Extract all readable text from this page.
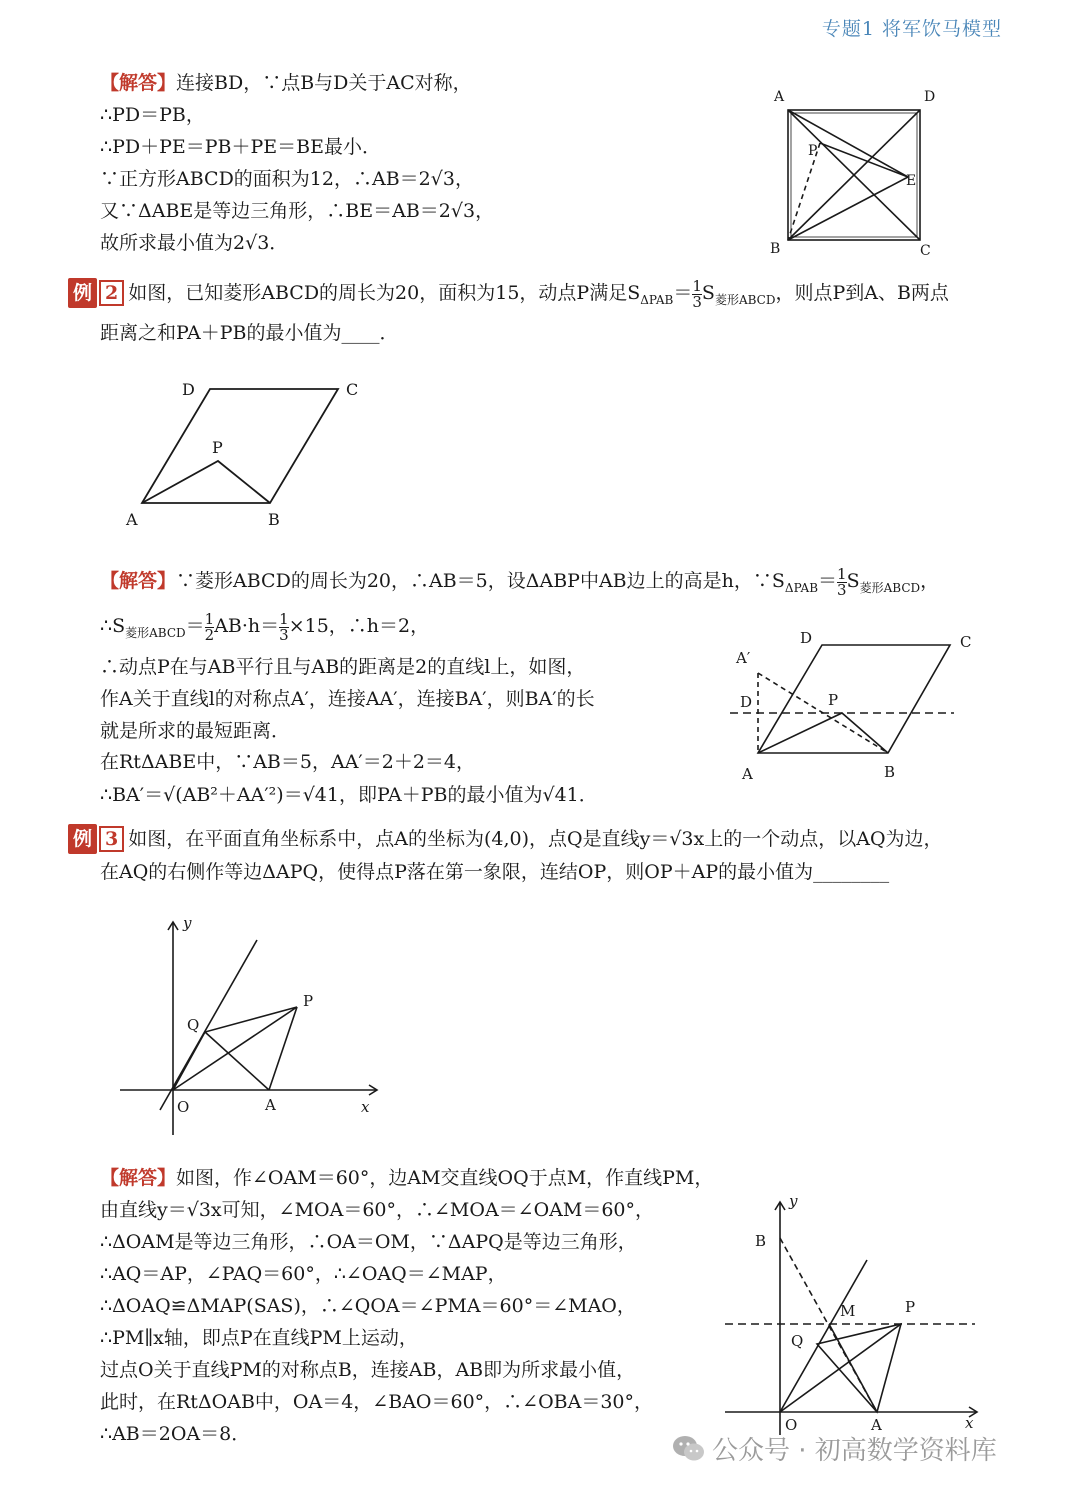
专题1 将军饮马模型
【解答】连接BD，∵点B与D关于AC对称，
∴PD＝PB，
∴PD＋PE＝PB＋PE＝BE最小．
∵正方形ABCD的面积为12，∴AB＝2√3，
又∵ΔABE是等边三角形，∴BE＝AB＝2√3，
故所求最小值为2√3．
A	D
P
E
B	C
例 2 如图，已知菱形ABCD的周长为20，面积为15，动点P满足$S_{\Delta PAB}= \frac{1}{3} S_{菱形ABCD}$，则点P到A、B两点
距离之和PA＋PB的最小值为____．
D	C
P
A	B
【解答】∵菱形ABCD的周长为20，∴AB＝5，设ΔABP中AB边上的高是h，$\because S_{\Delta PAB}= \frac{1}{3} S_{菱形ABCD}$，
$\therefore S_{菱形ABCD}= \frac{1}{2} AB\cdot h= \frac{1}{3} \times 15$，∴h＝2，
∴动点P在与AB平行且与AB的距离是2的直线l上，如图，
作A关于直线l的对称点A′，连接AA′，连接BA′，则BA′的长
就是所求的最短距离．
在RtΔABE中，∵AB＝5，AA′＝2＋2＝4，
∴BA′＝√(AB²＋AA′²)＝√41，即PA＋PB的最小值为√41．
D	C
A′
D	P
A	B
例 3 如图，在平面直角坐标系中，点A的坐标为(4,0)，点Q是直线y＝√3x上的一个动点，以AQ为边，
在AQ的右侧作等边ΔAPQ，使得点P落在第一象限，连结OP，则OP＋AP的最小值为________
y
P
Q
O	A	x
【解答】如图，作∠OAM＝60°，边AM交直线OQ于点M，作直线PM，
由直线y＝√3x可知，∠MOA＝60°，∴∠MOA＝∠OAM＝60°，
∴ΔOAM是等边三角形，∴OA＝OM，∵ΔAPQ是等边三角形，
∴AQ＝AP，∠PAQ＝60°，∴∠OAQ＝∠MAP，
∴ΔOAQ≌ΔMAP(SAS)，∴∠QOA＝∠PMA＝60°＝∠MAO，
∴PM∥x轴，即点P在直线PM上运动，
过点O关于直线PM的对称点B，连接AB，AB即为所求最小值，
此时，在RtΔOAB中，OA＝4，∠BAO＝60°，∴∠OBA＝30°，
∴AB＝2OA＝8．
y
B
M	P
Q
O	A	x
公众号 · 初高数学资料库
